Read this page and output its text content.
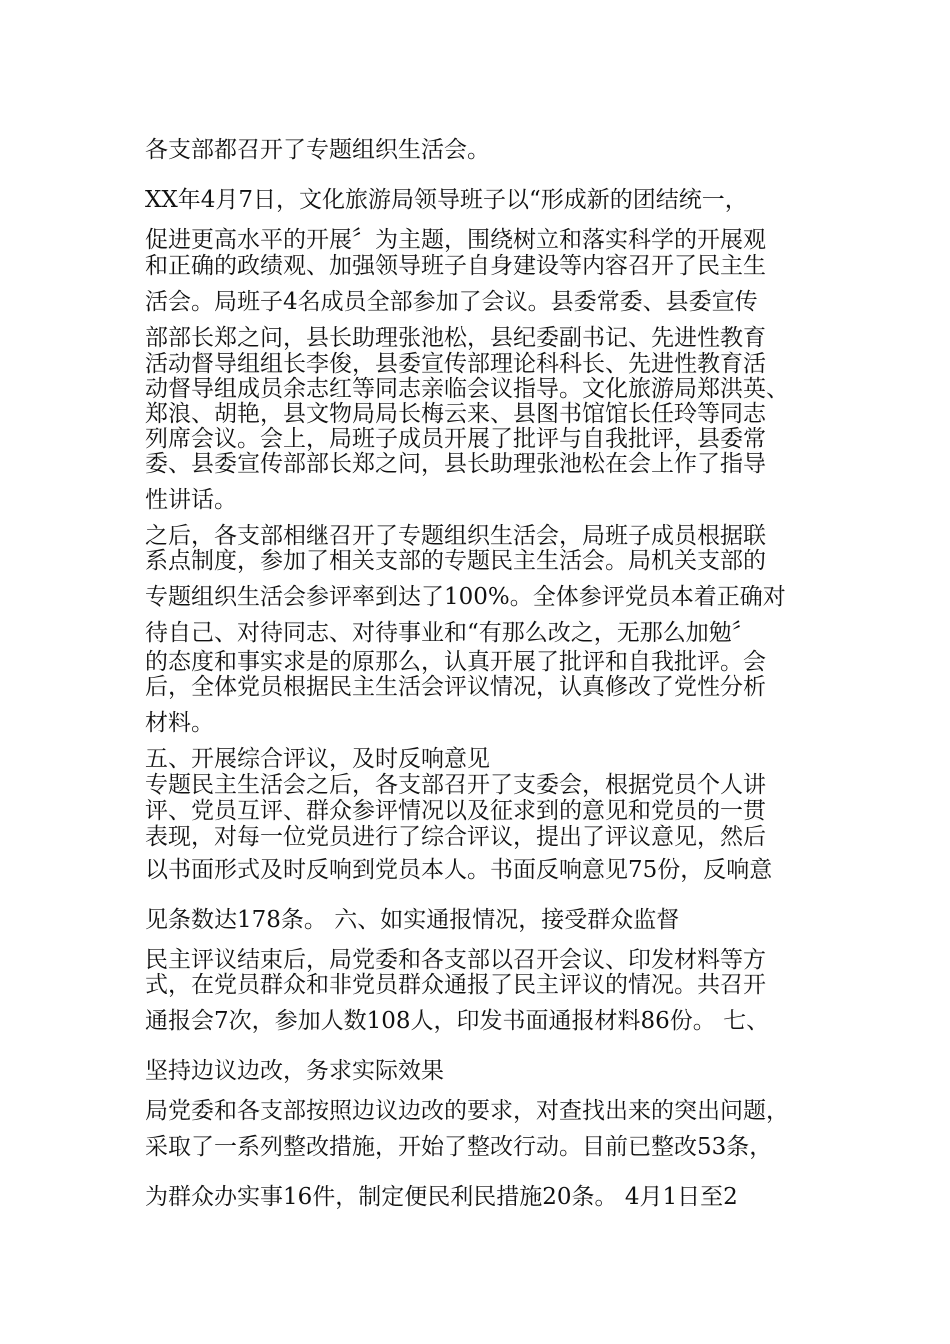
各支部都召开了专题组织生活会。
XX年4月7日，文化旅游局领导班子以“形成新的团结统一，
促进更高水平的开展〞为主题，围绕树立和落实科学的开展观
和正确的政绩观、加强领导班子自身建设等内容召开了民主生
活会。局班子4名成员全部参加了会议。县委常委、县委宣传
部部长郑之问，县长助理张池松，县纪委副书记、先进性教育
活动督导组组长李俊，县委宣传部理论科科长、先进性教育活
动督导组成员余志红等同志亲临会议指导。文化旅游局郑洪英、
郑浪、胡艳，县文物局局长梅云来、县图书馆馆长任玲等同志
列席会议。会上，局班子成员开展了批评与自我批评，县委常
委、县委宣传部部长郑之问，县长助理张池松在会上作了指导
性讲话。
之后，各支部相继召开了专题组织生活会，局班子成员根据联
系点制度，参加了相关支部的专题民主生活会。局机关支部的
专题组织生活会参评率到达了100%。全体参评党员本着正确对
待自己、对待同志、对待事业和“有那么改之，无那么加勉〞
的态度和事实求是的原那么，认真开展了批评和自我批评。会
后，全体党员根据民主生活会评议情况，认真修改了党性分析
材料。
五、开展综合评议，及时反响意见
专题民主生活会之后，各支部召开了支委会，根据党员个人讲
评、党员互评、群众参评情况以及征求到的意见和党员的一贯
表现，对每一位党员进行了综合评议，提出了评议意见，然后
以书面形式及时反响到党员本人。书面反响意见75份，反响意
见条数达178条。 六、如实通报情况，接受群众监督
民主评议结束后，局党委和各支部以召开会议、印发材料等方
式，在党员群众和非党员群众通报了民主评议的情况。共召开
通报会7次，参加人数108人，印发书面通报材料86份。 七、
坚持边议边改，务求实际效果
局党委和各支部按照边议边改的要求，对查找出来的突出问题，
采取了一系列整改措施，开始了整改行动。目前已整改53条，
为群众办实事16件，制定便民利民措施20条。 4月1日至2
